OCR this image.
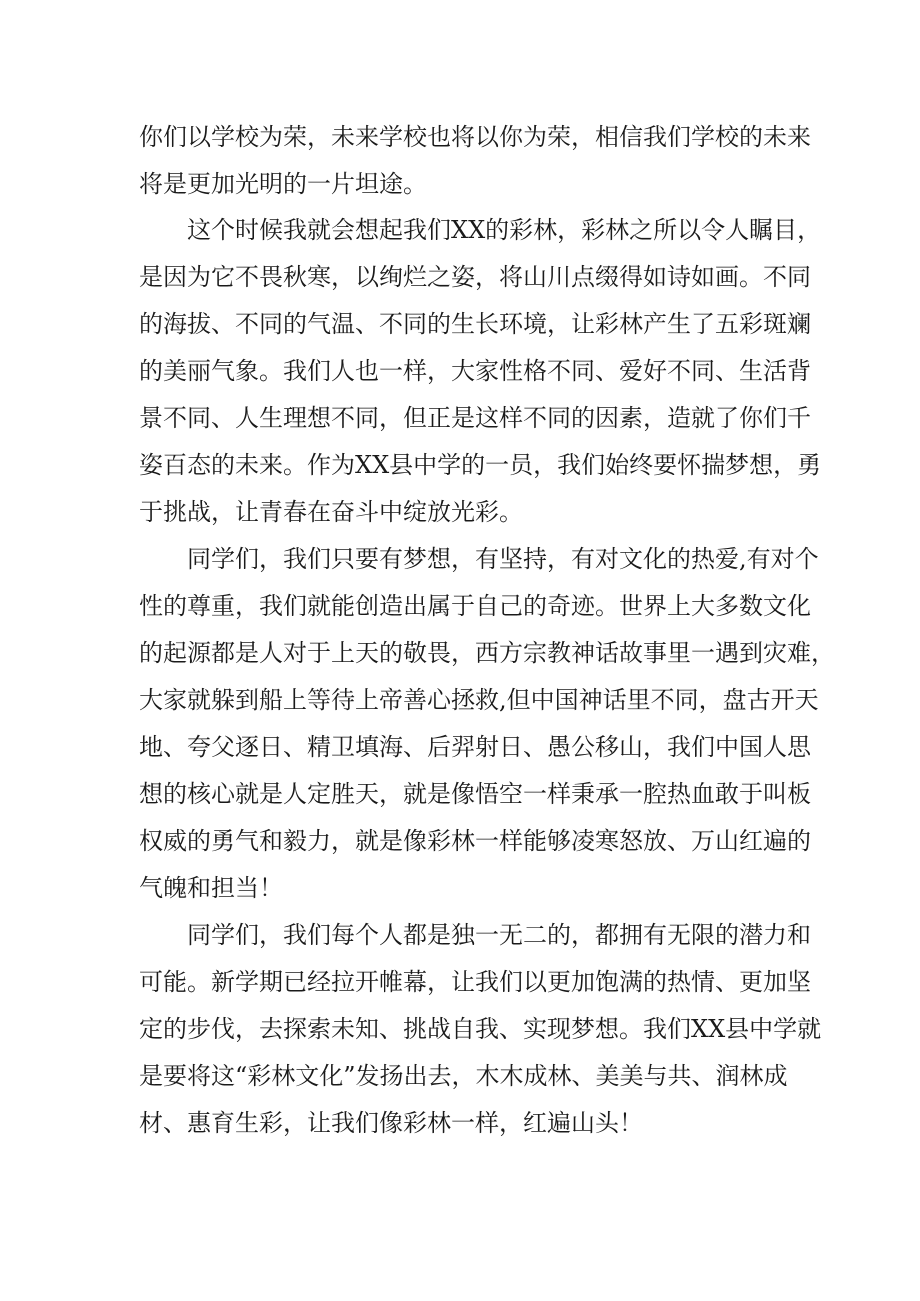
你们以学校为荣，未来学校也将以你为荣，相信我们学校的未来
将是更加光明的一片坦途。
这个时候我就会想起我们XX的彩林，彩林之所以令人瞩目，
是因为它不畏秋寒，以绚烂之姿，将山川点缀得如诗如画。不同
的海拔、不同的气温、不同的生长环境，让彩林产生了五彩斑斓
的美丽气象。我们人也一样，大家性格不同、爱好不同、生活背
景不同、人生理想不同，但正是这样不同的因素，造就了你们千
姿百态的未来。作为XX县中学的一员，我们始终要怀揣梦想，勇
于挑战，让青春在奋斗中绽放光彩。
同学们，我们只要有梦想，有坚持，有对文化的热爱,有对个
性的尊重，我们就能创造出属于自己的奇迹。世界上大多数文化
的起源都是人对于上天的敬畏，西方宗教神话故事里一遇到灾难，
大家就躲到船上等待上帝善心拯救,但中国神话里不同，盘古开天
地、夸父逐日、精卫填海、后羿射日、愚公移山，我们中国人思
想的核心就是人定胜天，就是像悟空一样秉承一腔热血敢于叫板
权威的勇气和毅力，就是像彩林一样能够凌寒怒放、万山红遍的
气魄和担当！
同学们，我们每个人都是独一无二的，都拥有无限的潜力和
可能。新学期已经拉开帷幕，让我们以更加饱满的热情、更加坚
定的步伐，去探索未知、挑战自我、实现梦想。我们XX县中学就
是要将这“彩林文化”发扬出去，木木成林、美美与共、润林成
材、惠育生彩，让我们像彩林一样，红遍山头！
